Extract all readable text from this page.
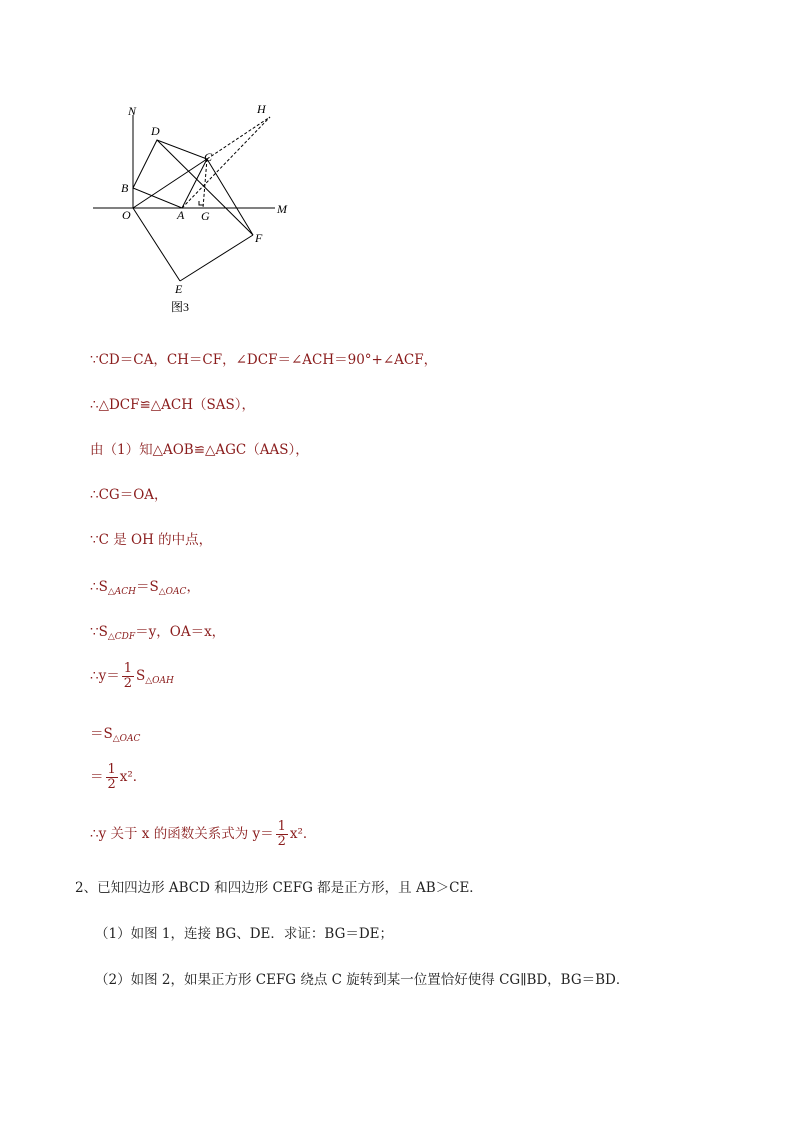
N
D
C
H
B
O	A G	M
F
E
图3
∵CD＝CA，CH＝CF，∠DCF＝∠ACH＝90°+∠ACF，
∴△DCF≌△ACH（SAS），
由（1）知△AOB≌△AGC（AAS），
∴CG＝OA，
∵C 是 OH 的中点，
$\therefore S_{\triangle ACH}=S_{\triangle OAC}$，
$\because S_{\triangle CDF}=y$，OA＝x，
∴y＝ $\frac{1}{2} S_{\triangle OAH}$
$=S_{\triangle OAC}$
＝ $\frac{1}{2} x^2$．
∴y 关于 x 的函数关系式为 $y= \frac{1}{2} x^2$．
2、已知四边形 ABCD 和四边形 CEFG 都是正方形，且 AB＞CE．
（1）如图 1，连接 BG、DE．求证：BG＝DE；
（2）如图 2，如果正方形 CEFG 绕点 C 旋转到某一位置恰好使得 CG∥BD，BG＝BD．
